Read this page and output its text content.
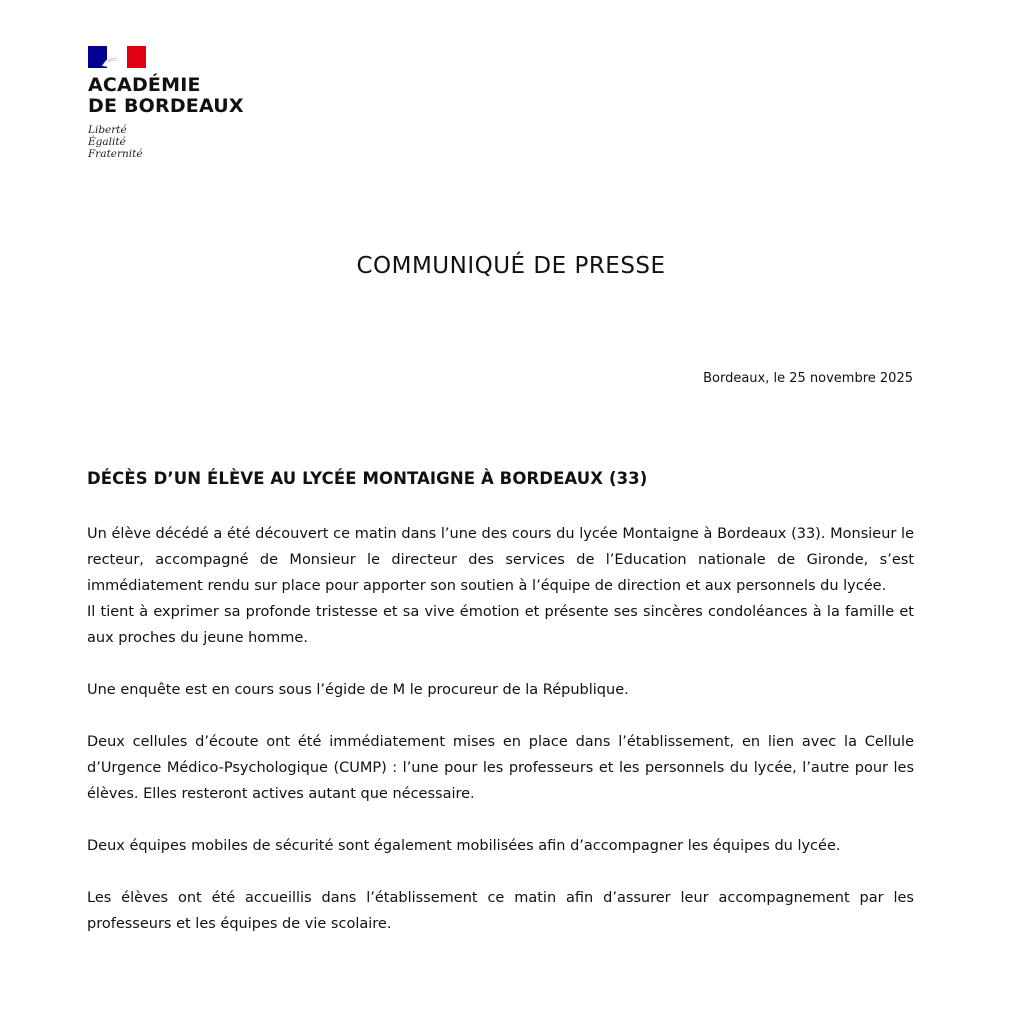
ACADÉMIE
DE BORDEAUX
Liberté
Égalité
Fraternité
COMMUNIQUÉ DE PRESSE
Bordeaux, le 25 novembre 2025
DÉCÈS D’UN ÉLÈVE AU LYCÉE MONTAIGNE À BORDEAUX (33)

Un élève décédé a été découvert ce matin dans l’une des cours du lycée Montaigne à Bordeaux (33). Monsieur le recteur, accompagné de Monsieur le directeur des services de l’Education nationale de Gironde, s’est immédiatement rendu sur place pour apporter son soutien à l’équipe de direction et aux personnels du lycée.

Il tient à exprimer sa profonde tristesse et sa vive émotion et présente ses sincères condoléances à la famille et aux proches du jeune homme.

Une enquête est en cours sous l’égide de M le procureur de la République.

Deux cellules d’écoute ont été immédiatement mises en place dans l’établissement, en lien avec la Cellule d’Urgence Médico-Psychologique (CUMP) : l’une pour les professeurs et les personnels du lycée, l’autre pour les élèves. Elles resteront actives autant que nécessaire.

Deux équipes mobiles de sécurité sont également mobilisées afin d’accompagner les équipes du lycée.

Les élèves ont été accueillis dans l’établissement ce matin afin d’assurer leur accompagnement par les professeurs et les équipes de vie scolaire.
